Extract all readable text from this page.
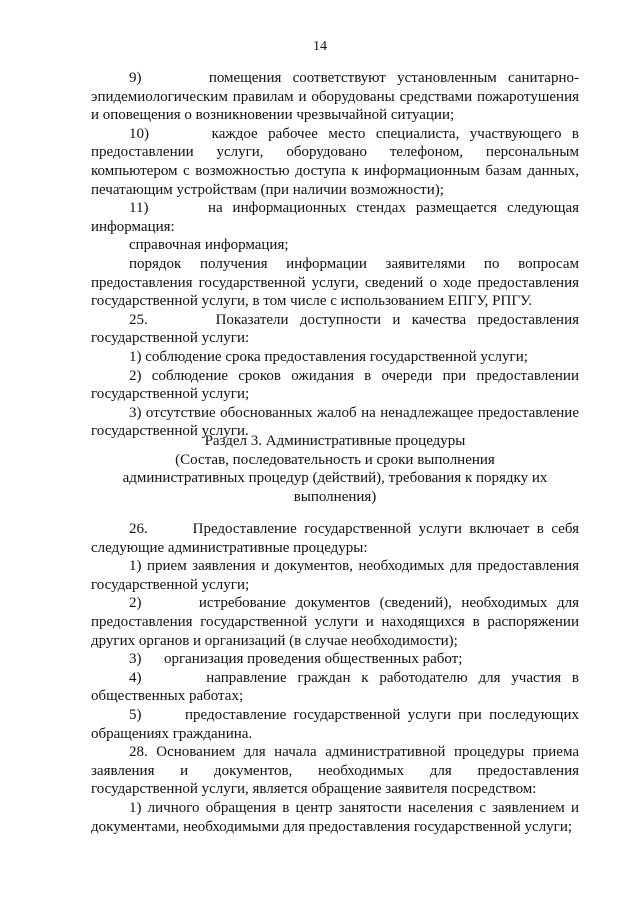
14

9)      помещения соответствуют установленным санитарно-эпидемиологическим правилам и оборудованы средствами пожаротушения и оповещения о возникновении чрезвычайной ситуации;

10)      каждое рабочее место специалиста, участвующего в предоставлении услуги, оборудовано телефоном, персональным компьютером с возможностью доступа к информационным базам данных, печатающим устройствам (при наличии возможности);

11)      на информационных стендах размещается следующая информация:

справочная информация;

порядок получения информации заявителями по вопросам предоставления государственной услуги, сведений о ходе предоставления государственной услуги, в том числе с использованием ЕПГУ, РПГУ.

25.      Показатели доступности и качества предоставления государственной услуги:

1) соблюдение срока предоставления государственной услуги;

2) соблюдение сроков ожидания в очереди при предоставлении государственной услуги;

3) отсутствие обоснованных жалоб на ненадлежащее предоставление государственной услуги.

Раздел 3. Административные процедуры

(Состав, последовательность и сроки выполнения

административных процедур (действий), требования к порядку их

выполнения)

26.      Предоставление государственной услуги включает в себя следующие административные процедуры:

1) прием заявления и документов, необходимых для предоставления государственной услуги;

2)      истребование документов (сведений), необходимых для предоставления государственной услуги и находящихся в распоряжении других органов и организаций (в случае необходимости);

3)      организация проведения общественных работ;

4)      направление граждан к работодателю для участия в общественных работах;

5)      предоставление государственной услуги при последующих обращениях гражданина.

28. Основанием для начала административной процедуры приема заявления и документов, необходимых для предоставления государственной услуги, является обращение заявителя посредством:

1) личного обращения в центр занятости населения с заявлением и документами, необходимыми для предоставления государственной услуги;
